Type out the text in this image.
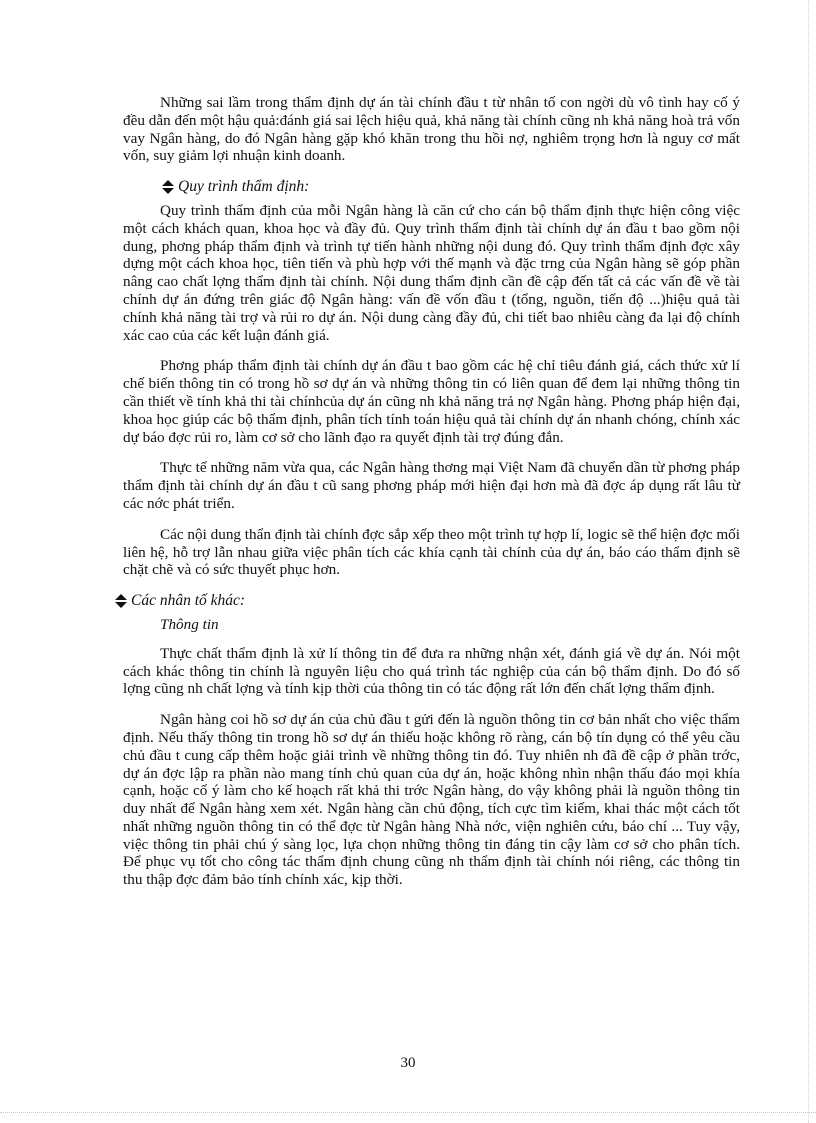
Những sai lầm trong thẩm định dự án tài chính đầu t từ nhân tố con ngời dù vô tình hay cố ý đều dẫn đến một hậu quả:đánh giá sai lệch hiệu quả, khả năng tài chính cũng nh khả năng hoà trả vốn vay Ngân hàng, do đó Ngân hàng gặp khó khăn trong thu hồi nợ, nghiêm trọng hơn là nguy cơ mất vốn, suy giảm lợi nhuận kinh doanh.

Quy trình thẩm định:

Quy trình thẩm định của mỗi Ngân hàng là căn cứ cho cán bộ thẩm định thực hiện công việc một cách khách quan, khoa học và đầy đủ. Quy trình thẩm định tài chính dự án đầu t bao gồm nội dung, phơng pháp thẩm định và trình tự tiến hành những nội dung đó. Quy trình thẩm định đợc xây dựng một cách khoa học, tiên tiến và phù hợp với thế mạnh và đặc trng của Ngân hàng sẽ góp phần nâng cao chất lợng thẩm định tài chính. Nội dung thẩm định cần đề cập đến tất cả các vấn đề về tài chính dự án đứng trên giác độ Ngân hàng: vấn đề vốn đầu t (tổng, nguồn, tiến độ ...)hiệu quả tài chính khả năng tài trợ và rủi ro dự án. Nội dung càng đầy đủ, chi tiết bao nhiêu càng đa lại độ chính xác cao của các kết luận đánh giá.

Phơng pháp thẩm định tài chính dự án đầu t bao gồm các hệ chỉ tiêu đánh giá, cách thức xử lí chế biến thông tin có trong hồ sơ dự án và những thông tin có liên quan để đem lại những thông tin cần thiết về tính khả thi tài chínhcủa dự án cũng nh khả năng trả nợ Ngân hàng. Phơng pháp hiện đại, khoa học giúp các bộ thẩm định, phân tích tính toán hiệu quả tài chính dự án nhanh chóng, chính xác dự báo đợc rủi ro, làm cơ sở cho lãnh đạo ra quyết định tài trợ đúng đắn.

Thực tế những năm vừa qua, các Ngân hàng thơng mại Việt Nam đã chuyển dần từ phơng pháp thẩm định tài chính dự án đầu t cũ sang phơng pháp mới hiện đại hơn mà đã đợc áp dụng rất lâu từ các nớc phát triển.

Các nội dung thẩn định tài chính đợc sắp xếp theo một trình tự hợp lí, logic sẽ thể hiện đợc mối liên hệ, hỗ trợ lẫn nhau giữa việc phân tích các khía cạnh tài chính của dự án, báo cáo thẩm định sẽ chặt chẽ và có sức thuyết phục hơn.

Các nhân tố khác:
Thông tin

Thực chất thẩm định là xử lí thông tin để đưa ra những nhận xét, đánh giá về dự án. Nói một cách khác thông tin chính là nguyên liệu cho quá trình tác nghiệp của cán bộ thẩm định. Do đó số lợng cũng nh chất lợng và tính kịp thời của thông tin có tác động rất lớn đến chất lợng thẩm định.

Ngân hàng coi hồ sơ dự án của chủ đầu t gửi đến là nguồn thông tin cơ bản nhất cho việc thẩm định. Nếu thấy thông tin trong hồ sơ dự án thiếu hoặc không rõ ràng, cán bộ tín dụng có thể yêu cầu chủ đầu t cung cấp thêm hoặc giải trình về những thông tin đó. Tuy nhiên nh đã đề cập ở phần trớc, dự án đợc lập ra phần nào mang tính chủ quan của dự án, hoặc không nhìn nhận thấu đáo mọi khía cạnh, hoặc cố ý làm cho kế hoạch rất khả thi trớc Ngân hàng, do vậy không phải là nguồn thông tin duy nhất để Ngân hàng xem xét. Ngân hàng cần chủ động, tích cực tìm kiếm, khai thác một cách tốt nhất những nguồn thông tin có thể đợc từ Ngân hàng Nhà nớc, viện nghiên cứu, báo chí ... Tuy vậy, việc thông tin phải chú ý sàng lọc, lựa chọn những thông tin đáng tin cậy làm cơ sở cho phân tích. Để phục vụ tốt cho công tác thẩm định chung cũng nh thẩm định tài chính nói riêng, các thông tin thu thập đợc đảm bảo tính chính xác, kịp thời.

30
